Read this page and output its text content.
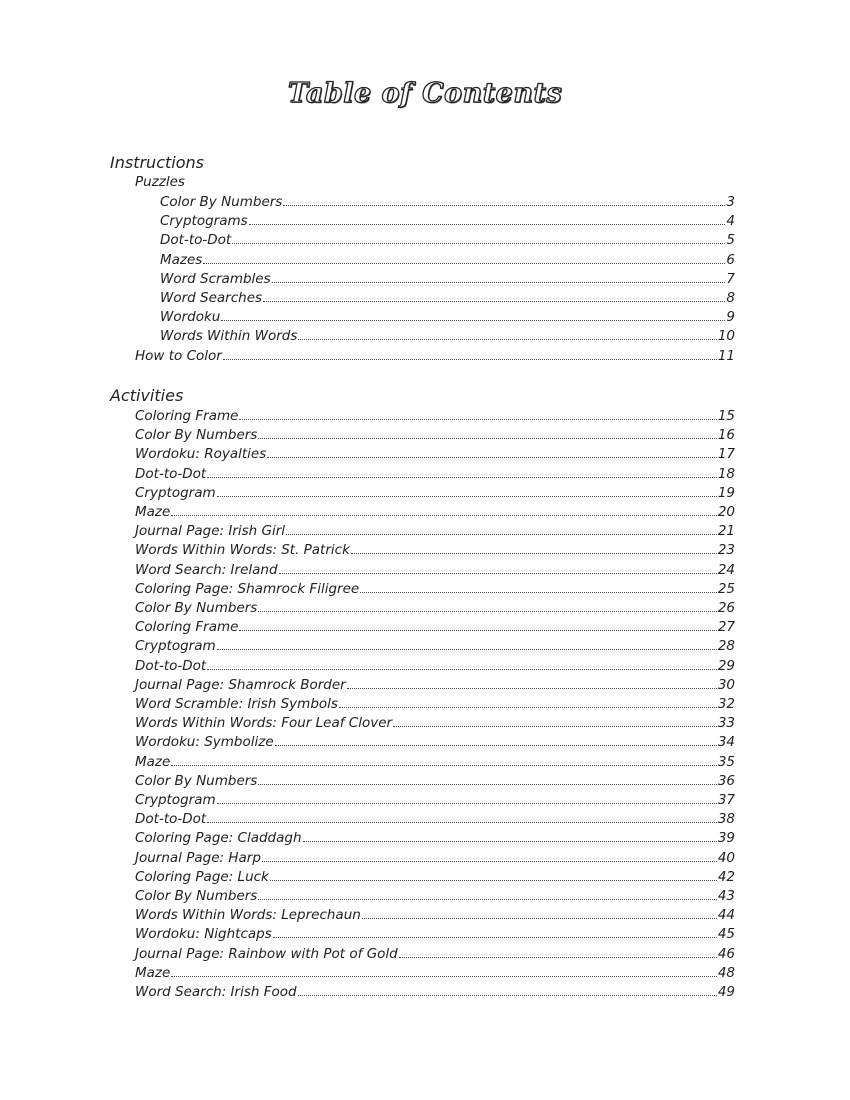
Table of Contents
Instructions
Puzzles
Color By Numbers	3
Cryptograms	4
Dot-to-Dot	5
Mazes	6
Word Scrambles	7
Word Searches	8
Wordoku	9
Words Within Words	10
How to Color	11
Activities
Coloring Frame	15
Color By Numbers	16
Wordoku: Royalties	17
Dot-to-Dot	18
Cryptogram	19
Maze	20
Journal Page: Irish Girl	21
Words Within Words: St. Patrick	23
Word Search: Ireland	24
Coloring Page: Shamrock Filigree	25
Color By Numbers	26
Coloring Frame	27
Cryptogram	28
Dot-to-Dot	29
Journal Page: Shamrock Border	30
Word Scramble: Irish Symbols	32
Words Within Words: Four Leaf Clover	33
Wordoku: Symbolize	34
Maze	35
Color By Numbers	36
Cryptogram	37
Dot-to-Dot	38
Coloring Page: Claddagh	39
Journal Page: Harp	40
Coloring Page: Luck	42
Color By Numbers	43
Words Within Words: Leprechaun	44
Wordoku: Nightcaps	45
Journal Page: Rainbow with Pot of Gold	46
Maze	48
Word Search: Irish Food	49
